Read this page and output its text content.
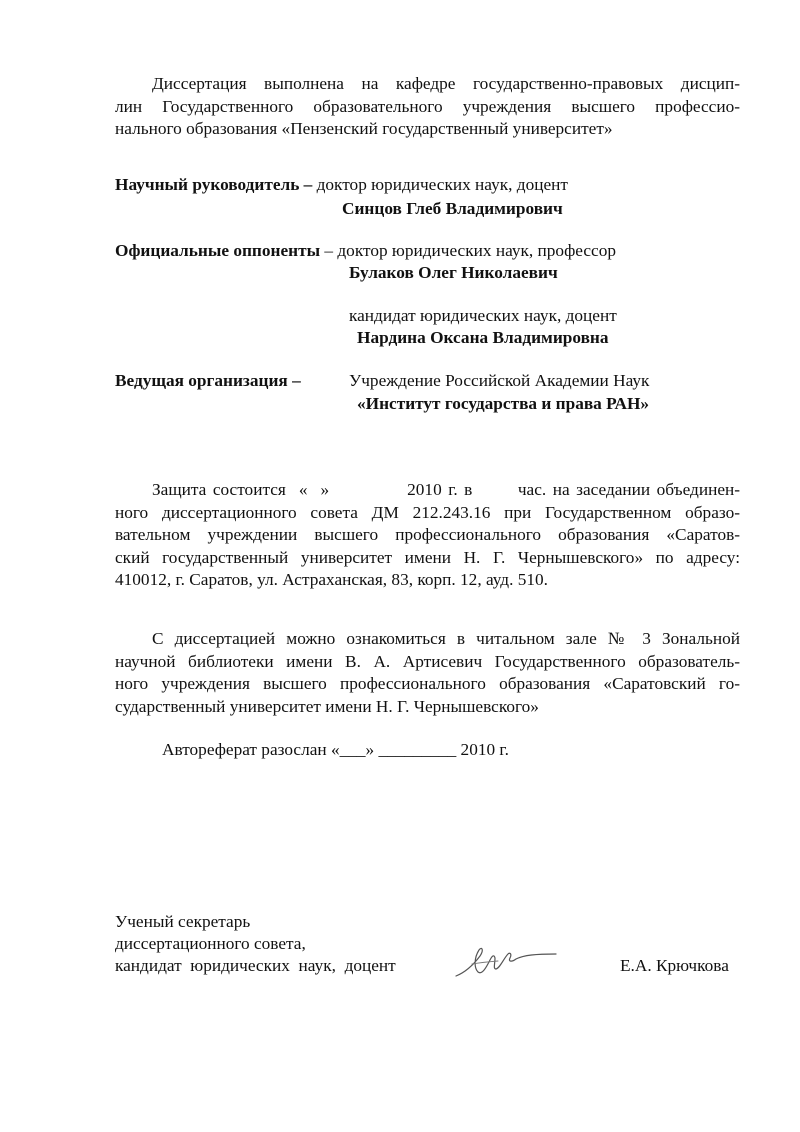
Диссертация выполнена на кафедре государственно-правовых дисцип-
лин Государственного образовательного учреждения высшего профессио-
нального образования «Пензенский государственный университет»
Научный руководитель – доктор юридических наук, доцент
Синцов Глеб Владимирович
Официальные оппоненты – доктор юридических наук, профессор
Булаков Олег Николаевич
кандидат юридических наук, доцент
Нардина Оксана Владимировна
Ведущая организация –	Учреждение Российской Академии Наук
«Институт государства и права РАН»
Защита состоится  «  »            2010 г. в       час. на заседании объединен-
ного диссертационного совета ДМ 212.243.16 при Государственном образо-
вательном учреждении высшего профессионального образования «Саратов-
ский государственный университет имени Н. Г. Чернышевского» по адресу:
410012, г. Саратов, ул. Астраханская, 83, корп. 12, ауд. 510.
С диссертацией можно ознакомиться в читальном зале № 3 Зональной
научной библиотеки имени В. А. Артисевич Государственного образователь-
ного учреждения высшего профессионального образования «Саратовский го-
сударственный университет имени Н. Г. Чернышевского»
Автореферат разослан «___» _________ 2010 г.
Ученый секретарь
диссертационного совета,
кандидат  юридических  наук,  доцент	Е.А. Крючкова
